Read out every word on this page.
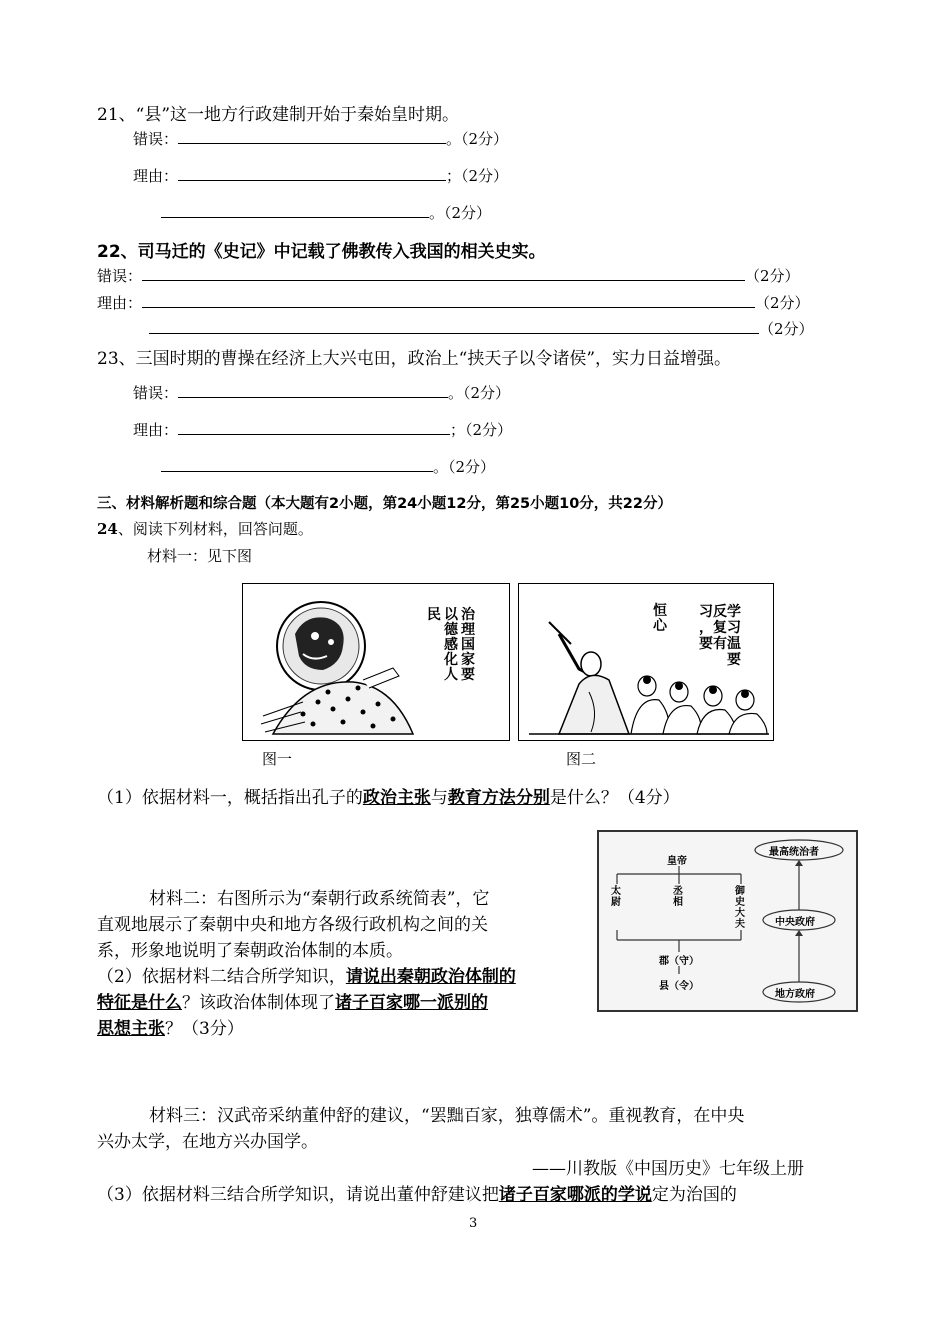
21、“县”这一地方行政建制开始于秦始皇时期。
错误：	。（2分）
理由：	；（2分）
。（2分）
22、司马迁的《史记》中记载了佛教传入我国的相关史实。
错误：	（2分）
理由：	（2分）
（2分）
23、三国时期的曹操在经济上大兴屯田，政治上“挟天子以令诸侯”，实力日益增强。
错误：	。（2分）
理由：	；（2分）
。（2分）
三、材料解析题和综合题（本大题有2小题，第24小题12分，第25小题10分，共22分）
24、阅读下列材料，回答问题。
材料一：见下图
治理国家要
以德感化人
民
图一
习反学
，复习
要有温
　　要
恒心
图二
（1）依据材料一，概括指出孔子的政治主张与教育方法分别是什么？（4分）
材料二：右图所示为“秦朝行政系统简表”，它
直观地展示了秦朝中央和地方各级行政机构之间的关
系，形象地说明了秦朝政治体制的本质。
（2）依据材料二结合所学知识，请说出秦朝政治体制的
特征是什么？该政治体制体现了诸子百家哪一派别的
思想主张？（3分）
皇帝
太尉
丞相
御史大夫
郡（守）
县（令）
最高统治者
中央政府
地方政府
材料三：汉武帝采纳董仲舒的建议，“罢黜百家，独尊儒术”。重视教育，在中央
兴办太学，在地方兴办国学。
——川教版《中国历史》七年级上册
（3）依据材料三结合所学知识，请说出董仲舒建议把诸子百家哪派的学说定为治国的
3
